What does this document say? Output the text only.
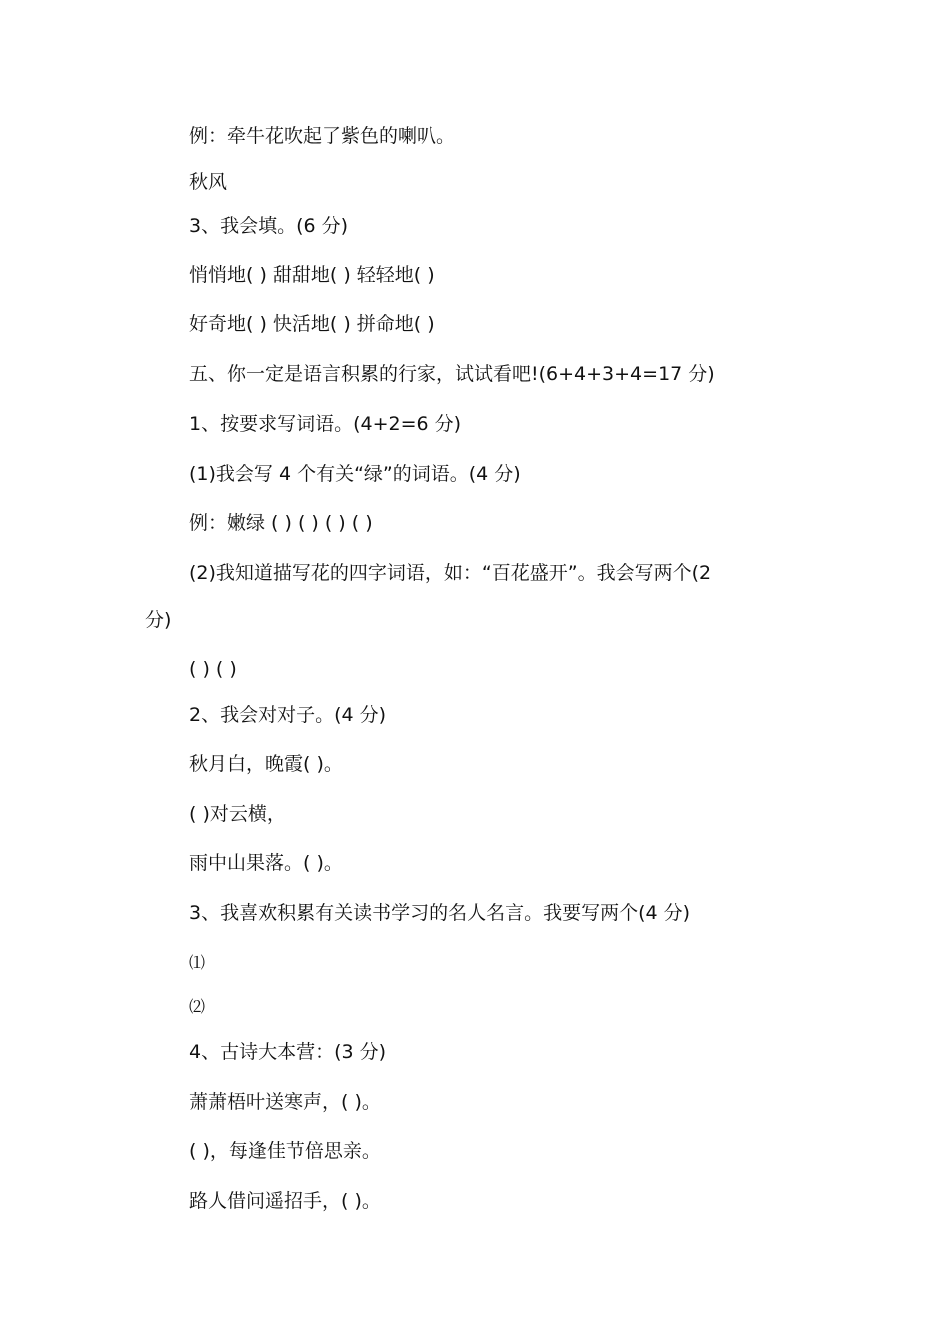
例：牵牛花吹起了紫色的喇叭。

秋风

3、我会填。(6 分)

悄悄地( ) 甜甜地( ) 轻轻地( )

好奇地( ) 快活地( ) 拼命地( )

五、你一定是语言积累的行家，试试看吧!(6+4+3+4=17 分)

1、按要求写词语。(4+2=6 分)

(1)我会写 4 个有关“绿”的词语。(4 分)

例：嫩绿 ( ) ( ) ( ) ( )

(2)我知道描写花的四字词语，如：“百花盛开”。我会写两个(2

分)

( ) ( )

2、我会对对子。(4 分)

秋月白，晚霞( )。

( )对云横，

雨中山果落。( )。

3、我喜欢积累有关读书学习的名人名言。我要写两个(4 分)

⑴

⑵

4、古诗大本营：(3 分)

萧萧梧叶送寒声，( )。

( )，每逢佳节倍思亲。

路人借问遥招手，( )。
